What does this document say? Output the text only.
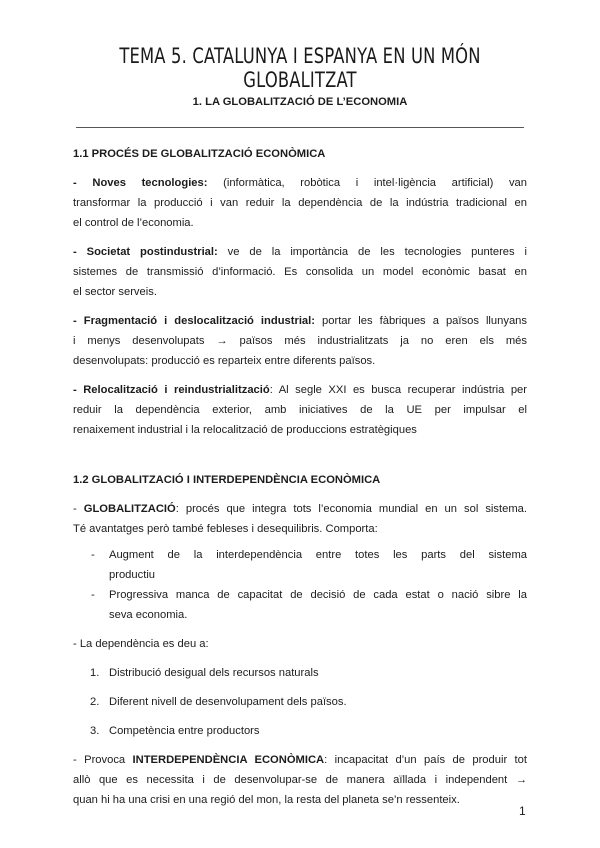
TEMA 5. CATALUNYA I ESPANYA EN UN MÓN GLOBALITZAT
1. LA GLOBALITZACIÓ DE L’ECONOMIA
1.1 PROCÉS DE GLOBALITZACIÓ ECONÒMICA

- Noves tecnologies: (informàtica, robòtica i intel·ligència artificial) van
transformar la producció i van reduir la dependència de la indústria tradicional en
el control de l’economia.

- Societat postindustrial: ve de la importància de les tecnologies punteres i
sistemes de transmissió d’informació. Es consolida un model econòmic basat en
el sector serveis.

- Fragmentació i deslocalització industrial: portar les fàbriques a països llunyans
i menys desenvolupats → països més industrialitzats ja no eren els més
desenvolupats: producció es reparteix entre diferents països.

- Relocalització i reindustrialització: Al segle XXI es busca recuperar indústria per
reduir la dependència exterior, amb iniciatives de la UE per impulsar el
renaixement industrial i la relocalització de produccions estratègiques

1.2 GLOBALITZACIÓ I INTERDEPENDÈNCIA ECONÒMICA

- GLOBALITZACIÓ: procés que integra tots l’economia mundial en un sol sistema.
Té avantatges però també febleses i desequilibris. Comporta:

- Augment de la interdependència entre totes les parts del sistema
productiu
- Progressiva manca de capacitat de decisió de cada estat o nació sibre la
seva economia.

- La dependència es deu a:

1. Distribució desigual dels recursos naturals
2. Diferent nivell de desenvolupament dels països.
3. Competència entre productors

- Provoca INTERDEPENDÈNCIA ECONÒMICA: incapacitat d’un país de produir tot
allò que es necessita i de desenvolupar-se de manera aïllada i independent →
quan hi ha una crisi en una regió del mon, la resta del planeta se’n ressenteix.

1
